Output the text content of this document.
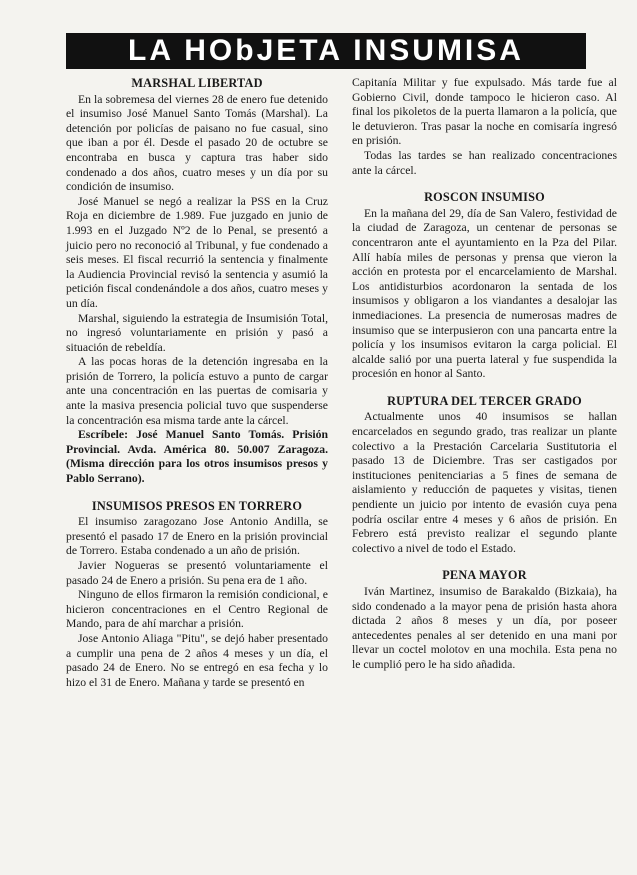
LA HObJETA INSUMISA
MARSHAL LIBERTAD

En la sobremesa del viernes 28 de enero fue detenido el insumiso José Manuel Santo Tomás (Marshal). La detención por policías de paisano no fue casual, sino que iban a por él. Desde el pasado 20 de octubre se encontraba en busca y captura tras haber sido condenado a dos años, cuatro meses y un día por su condición de insumiso.

José Manuel se negó a realizar la PSS en la Cruz Roja en diciembre de 1.989. Fue juzgado en junio de 1.993 en el Juzgado Nº2 de lo Penal, se presentó a juicio pero no reconoció al Tribunal, y fue condenado a seis meses. El fiscal recurrió la sentencia y finalmente la Audiencia Provincial revisó la sentencia y asumió la petición fiscal condenándole a dos años, cuatro meses y un día.

Marshal, siguiendo la estrategia de Insumisión Total, no ingresó voluntariamente en prisión y pasó a situación de rebeldía.

A las pocas horas de la detención ingresaba en la prisión de Torrero, la policía estuvo a punto de cargar ante una concentración en las puertas de comisaria y ante la masiva presencia policial tuvo que suspenderse la concentración esa misma tarde ante la cárcel.

Escríbele: José Manuel Santo Tomás. Prisión Provincial. Avda. América 80. 50.007 Zaragoza. (Misma dirección para los otros insumisos presos y Pablo Serrano).

INSUMISOS PRESOS EN TORRERO

El insumiso zaragozano Jose Antonio Andilla, se presentó el pasado 17 de Enero en la prisión provincial de Torrero. Estaba condenado a un año de prisión.

Javier Nogueras se presentó voluntariamente el pasado 24 de Enero a prisión. Su pena era de 1 año.

Ninguno de ellos firmaron la remisión condicional, e hicieron concentraciones en el Centro Regional de Mando, para de ahí marchar a prisión.

Jose Antonio Aliaga "Pitu", se dejó haber presentado a cumplir una pena de 2 años 4 meses y un día, el pasado 24 de Enero. No se entregó en esa fecha y lo hizo el 31 de Enero. Mañana y tarde se presentó en

Capitanía Militar y fue expulsado. Más tarde fue al Gobierno Civil, donde tampoco le hicieron caso. Al final los pikoletos de la puerta llamaron a la policía, que le detuvieron. Tras pasar la noche en comisaría ingresó en prisión.

Todas las tardes se han realizado concentraciones ante la cárcel.

ROSCON INSUMISO

En la mañana del 29, día de San Valero, festividad de la ciudad de Zaragoza, un centenar de personas se concentraron ante el ayuntamiento en la Pza del Pilar. Allí había miles de personas y prensa que vieron la acción en protesta por el encarcelamiento de Marshal. Los antidisturbios acordonaron la sentada de los insumisos y obligaron a los viandantes a desalojar las inmediaciones. La presencia de numerosas madres de insumiso que se interpusieron con una pancarta entre la policía y los insumisos evitaron la carga policial. El alcalde salió por una puerta lateral y fue suspendida la procesión en honor al Santo.

RUPTURA DEL TERCER GRADO

Actualmente unos 40 insumisos se hallan encarcelados en segundo grado, tras realizar un plante colectivo a la Prestación Carcelaria Sustitutoria el pasado 13 de Diciembre. Tras ser castigados por instituciones penitenciarias a 5 fines de semana de aislamiento y reducción de paquetes y visitas, tienen pendiente un juicio por intento de evasión cuya pena podría oscilar entre 4 meses y 6 años de prisión. En Febrero está previsto realizar el segundo plante colectivo a nivel de todo el Estado.

PENA MAYOR

Iván Martinez, insumiso de Barakaldo (Bizkaia), ha sido condenado a la mayor pena de prisión hasta ahora dictada 2 años 8 meses y un día, por poseer antecedentes penales al ser detenido en una mani por llevar un coctel molotov en una mochila. Esta pena no le cumplió pero le ha sido añadida.
